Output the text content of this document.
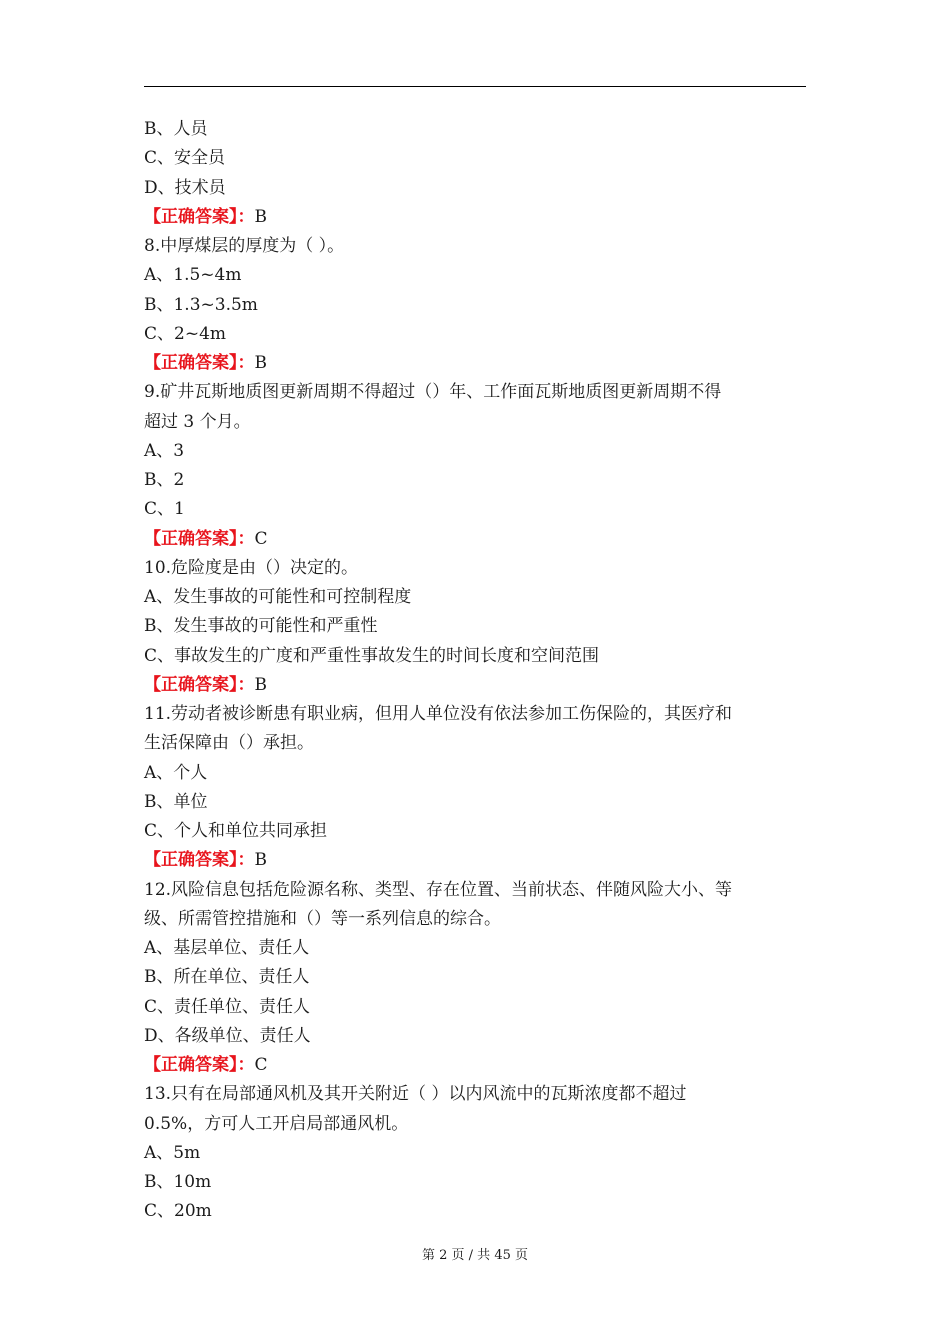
B、人员
C、安全员
D、技术员
【正确答案】：B
8.中厚煤层的厚度为（ ）。
A、1.5~4m
B、1.3~3.5m
C、2~4m
【正确答案】：B
9.矿井瓦斯地质图更新周期不得超过（）年、工作面瓦斯地质图更新周期不得
超过 3 个月。
A、3
B、2
C、1
【正确答案】：C
10.危险度是由（）决定的。
A、发生事故的可能性和可控制程度
B、发生事故的可能性和严重性
C、事故发生的广度和严重性事故发生的时间长度和空间范围
【正确答案】：B
11.劳动者被诊断患有职业病，但用人单位没有依法参加工伤保险的，其医疗和
生活保障由（）承担。
A、个人
B、单位
C、个人和单位共同承担
【正确答案】：B
12.风险信息包括危险源名称、类型、存在位置、当前状态、伴随风险大小、等
级、所需管控措施和（）等一系列信息的综合。
A、基层单位、责任人
B、所在单位、责任人
C、责任单位、责任人
D、各级单位、责任人
【正确答案】：C
13.只有在局部通风机及其开关附近（ ）以内风流中的瓦斯浓度都不超过
0.5%，方可人工开启局部通风机。
A、5m
B、10m
C、20m
第 2 页 / 共 45 页
